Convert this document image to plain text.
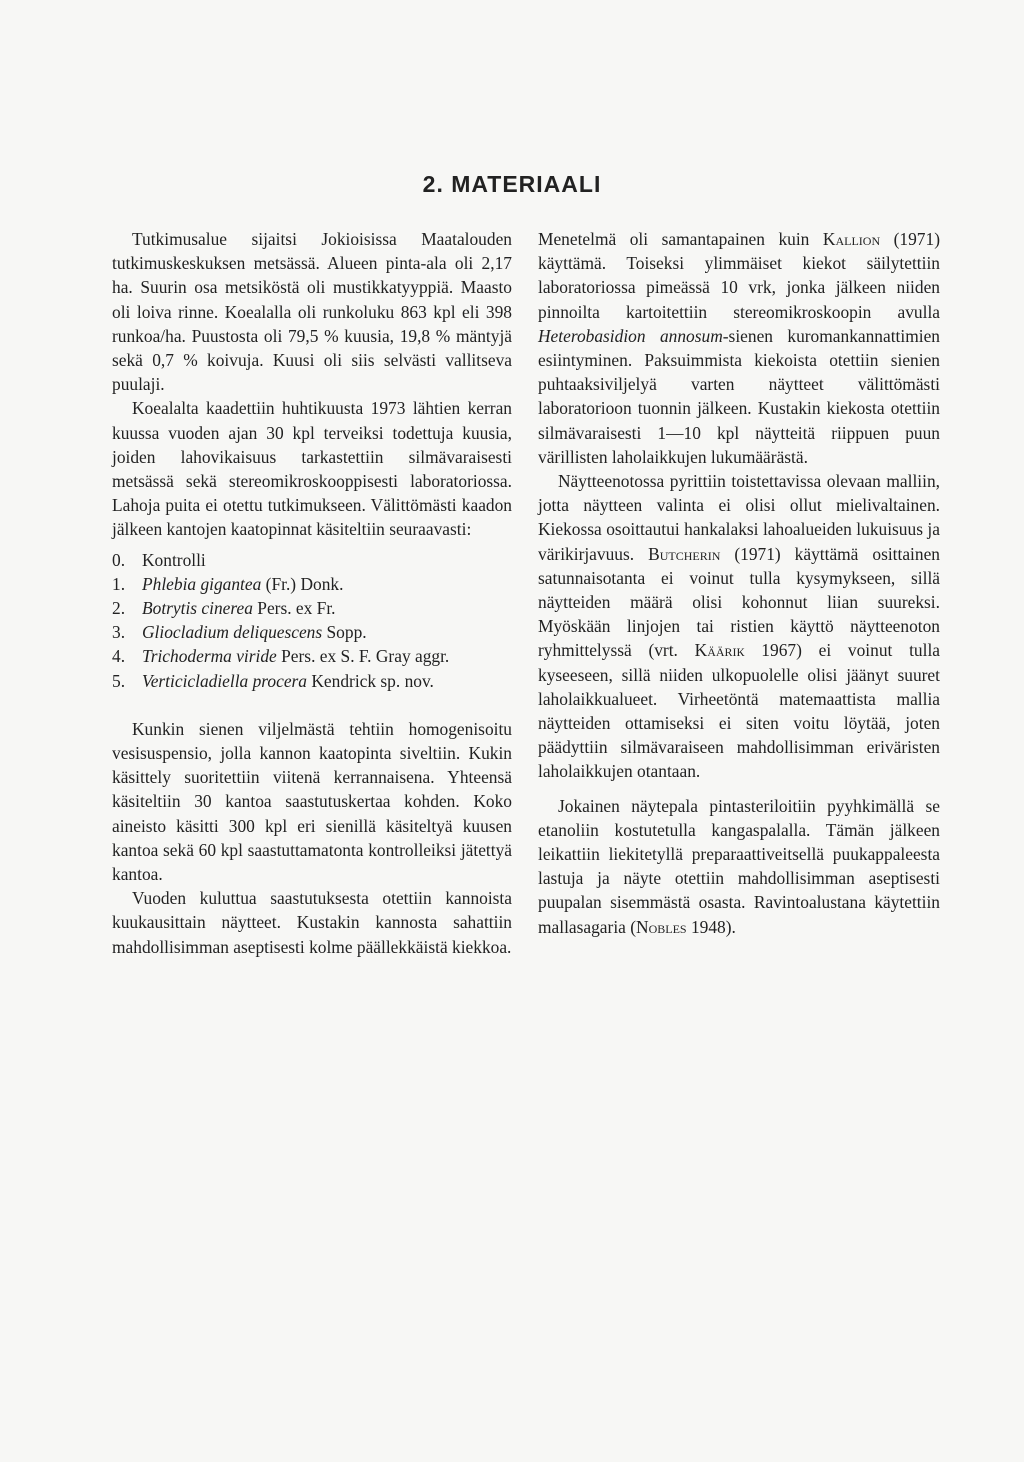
2. MATERIAALI

Tutkimusalue sijaitsi Jokioisissa Maatalouden tutkimuskeskuksen metsässä. Alueen pinta-ala oli 2,17 ha. Suurin osa metsiköstä oli mustikkatyyppiä. Maasto oli loiva rinne. Koealalla oli runkoluku 863 kpl eli 398 runkoa/ha. Puustosta oli 79,5 % kuusia, 19,8 % mäntyjä sekä 0,7 % koivuja. Kuusi oli siis selvästi vallitseva puulaji.

Koealalta kaadettiin huhtikuusta 1973 lähtien kerran kuussa vuoden ajan 30 kpl terveiksi todettuja kuusia, joiden lahovikaisuus tarkastettiin silmävaraisesti metsässä sekä stereomikroskooppisesti laboratoriossa. Lahoja puita ei otettu tutkimukseen. Välittömästi kaadon jälkeen kantojen kaatopinnat käsiteltiin seuraavasti:

0. Kontrolli
1. Phlebia gigantea (Fr.) Donk.
2. Botrytis cinerea Pers. ex Fr.
3. Gliocladium deliquescens Sopp.
4. Trichoderma viride Pers. ex S. F. Gray aggr.
5. Verticicladiella procera Kendrick sp. nov.

Kunkin sienen viljelmästä tehtiin homogenisoitu vesisuspensio, jolla kannon kaatopinta siveltiin. Kukin käsittely suoritettiin viitenä kerrannaisena. Yhteensä käsiteltiin 30 kantoa saastutuskertaa kohden. Koko aineisto käsitti 300 kpl eri sienillä käsiteltyä kuusen kantoa sekä 60 kpl saastuttamatonta kontrolleiksi jätettyä kantoa.

Vuoden kuluttua saastutuksesta otettiin kannoista kuukausittain näytteet. Kustakin kannosta sahattiin mahdollisimman aseptisesti kolme päällekkäistä kiekkoa.

Menetelmä oli samantapainen kuin Kallion (1971) käyttämä. Toiseksi ylimmäiset kiekot säilytettiin laboratoriossa pimeässä 10 vrk, jonka jälkeen niiden pinnoilta kartoitettiin stereomikroskoopin avulla Heterobasidion annosum-sienen kuromankannattimien esiintyminen. Paksuimmista kiekoista otettiin sienien puhtaaksiviljelyä varten näytteet välittömästi laboratorioon tuonnin jälkeen. Kustakin kiekosta otettiin silmävaraisesti 1—10 kpl näytteitä riippuen puun värillisten laholaikkujen lukumäärästä.

Näytteenotossa pyrittiin toistettavissa olevaan malliin, jotta näytteen valinta ei olisi ollut mielivaltainen. Kiekossa osoittautui hankalaksi lahoalueiden lukuisuus ja värikirjavuus. Butcherin (1971) käyttämä osittainen satunnaisotanta ei voinut tulla kysymykseen, sillä näytteiden määrä olisi kohonnut liian suureksi. Myöskään linjojen tai ristien käyttö näytteenoton ryhmittelyssä (vrt. Kääriк 1967) ei voinut tulla kyseeseen, sillä niiden ulkopuolelle olisi jäänyt suuret laholaikkualueet. Virheetöntä matemaattista mallia näytteiden ottamiseksi ei siten voitu löytää, joten päädyttiin silmävaraiseen mahdollisimman eriväristen laholaikkujen otantaan.

Jokainen näytepala pintasteriloitiin pyyhkimällä se etanoliin kostutetulla kangaspalalla. Tämän jälkeen leikattiin liekitetyllä preparaattiveitsellä puukappaleesta lastuja ja näyte otettiin mahdollisimman aseptisesti puupalan sisemmästä osasta. Ravintoalustana käytettiin mallasagaria (Nobles 1948).
